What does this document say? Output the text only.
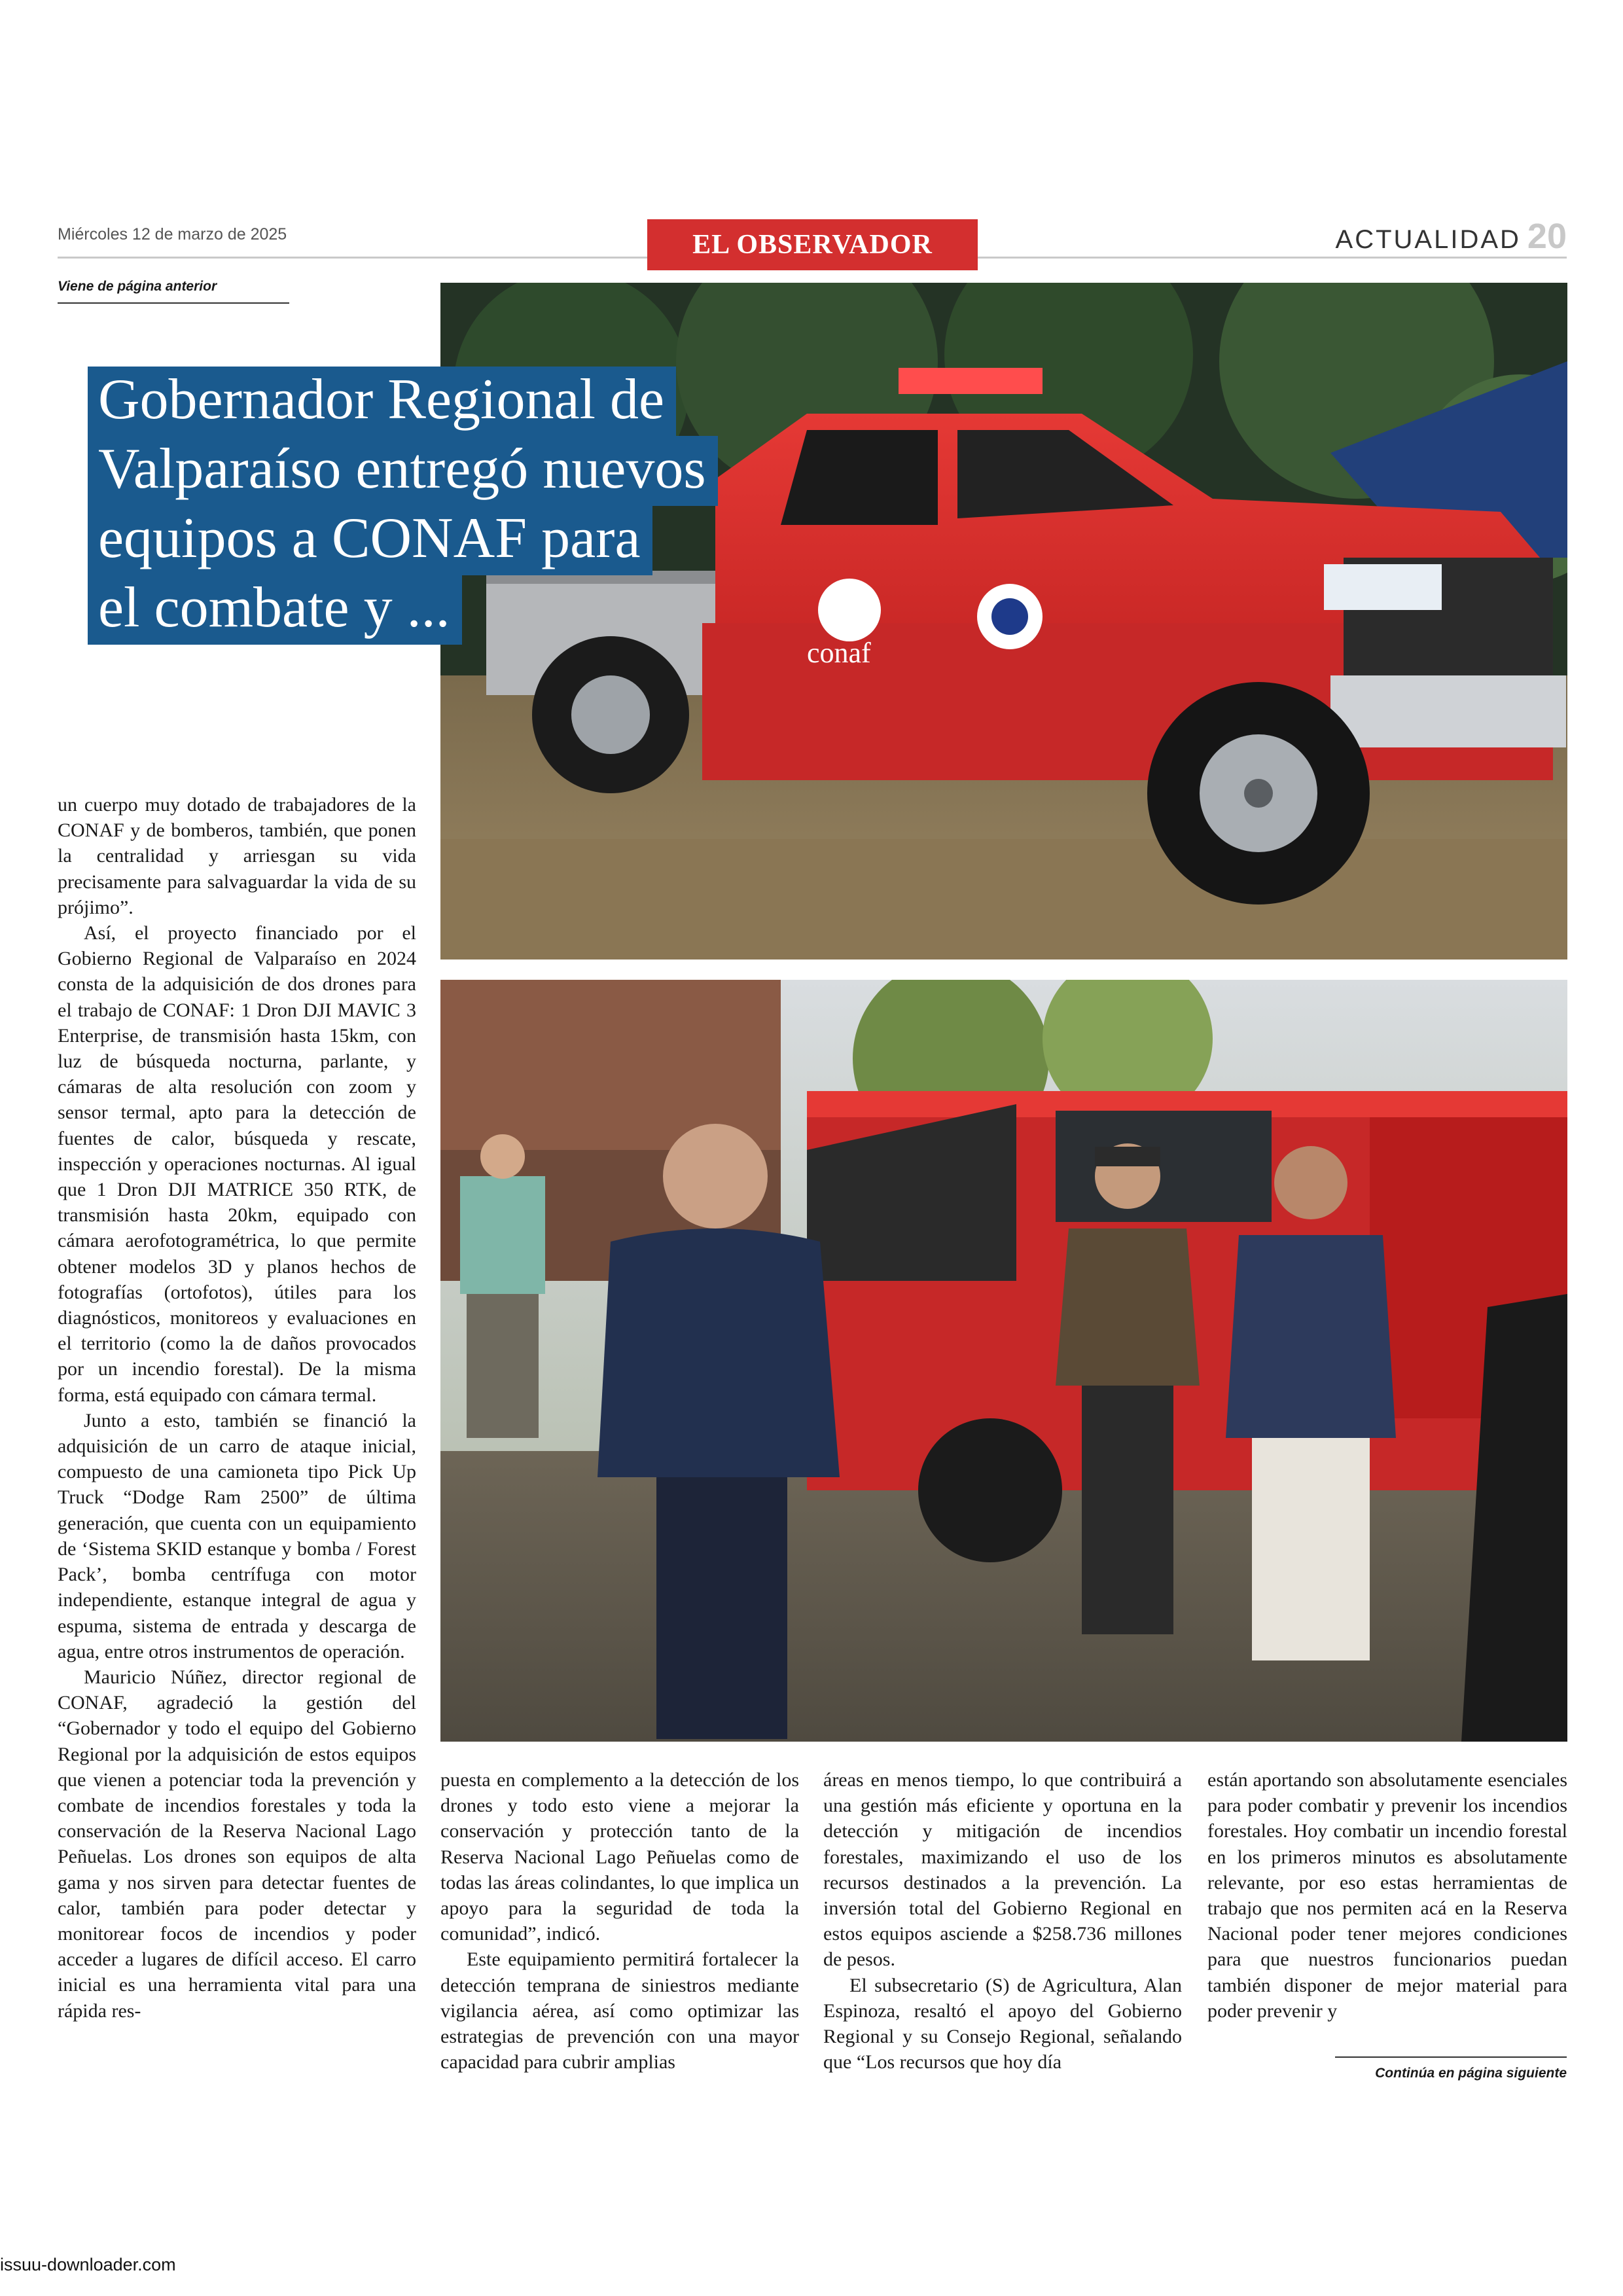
Miércoles 12 de marzo de 2025	EL OBSERVADOR	ACTUALIDAD 20
Viene de página anterior
conaf
Gobernador Regional de
Valparaíso entregó nuevos
equipos a CONAF para
el combate y ...

un cuerpo muy dotado de trabajadores de la CONAF y de bomberos, también, que ponen la centralidad y arriesgan su vida precisamente para salvaguardar la vida de su prójimo”.

Así, el proyecto financiado por el Gobierno Regional de Valparaíso en 2024 consta de la adquisición de dos drones para el trabajo de CONAF: 1 Dron DJI MAVIC 3 Enterprise, de transmisión hasta 15km, con luz de búsqueda nocturna, parlante, y cámaras de alta resolución con zoom y sensor termal, apto para la detección de fuentes de calor, búsqueda y rescate, inspección y operaciones nocturnas. Al igual que 1 Dron DJI MATRICE 350 RTK, de transmisión hasta 20km, equipado con cámara aerofotogramétrica, lo que permite obtener modelos 3D y planos hechos de fotografías (ortofotos), útiles para los diagnósticos, monitoreos y evaluaciones en el territorio (como la de daños provocados por un incendio forestal). De la misma forma, está equipado con cámara termal.

Junto a esto, también se financió la adquisición de un carro de ataque inicial, compuesto de una camioneta tipo Pick Up Truck “Dodge Ram 2500” de última generación, que cuenta con un equipamiento de ‘Sistema SKID estanque y bomba / Forest Pack’, bomba centrífuga con motor independiente, estanque integral de agua y espuma, sistema de entrada y descarga de agua, entre otros instrumentos de operación.

Mauricio Núñez, director regional de CONAF, agradeció la gestión del “Gobernador y todo el equipo del Gobierno Regional por la adquisición de estos equipos que vienen a potenciar toda la prevención y combate de incendios forestales y toda la conservación de la Reserva Nacional Lago Peñuelas. Los drones son equipos de alta gama y nos sirven para detectar fuentes de calor, también para poder detectar y monitorear focos de incendios y poder acceder a lugares de difícil acceso. El carro inicial es una herramienta vital para una rápida res-

puesta en complemento a la detección de los drones y todo esto viene a mejorar la conservación y protección tanto de la Reserva Nacional Lago Peñuelas como de todas las áreas colindantes, lo que implica un apoyo para la seguridad de toda la comunidad”, indicó.

Este equipamiento permitirá fortalecer la detección temprana de siniestros mediante vigilancia aérea, así como optimizar las estrategias de prevención con una mayor capacidad para cubrir amplias

áreas en menos tiempo, lo que contribuirá a una gestión más eficiente y oportuna en la detección y mitigación de incendios forestales, maximizando el uso de los recursos destinados a la prevención. La inversión total del Gobierno Regional en estos equipos asciende a $258.736 millones de pesos.

El subsecretario (S) de Agricultura, Alan Espinoza, resaltó el apoyo del Gobierno Regional y su Consejo Regional, señalando que “Los recursos que hoy día

están aportando son absolutamente esenciales para poder combatir y prevenir los incendios forestales. Hoy combatir un incendio forestal en los primeros minutos es absolutamente relevante, por eso estas herramientas de trabajo que nos permiten acá en la Reserva Nacional poder tener mejores condiciones para que nuestros funcionarios puedan también disponer de mejor material para poder prevenir y

Continúa en página siguiente
issuu-downloader.com
